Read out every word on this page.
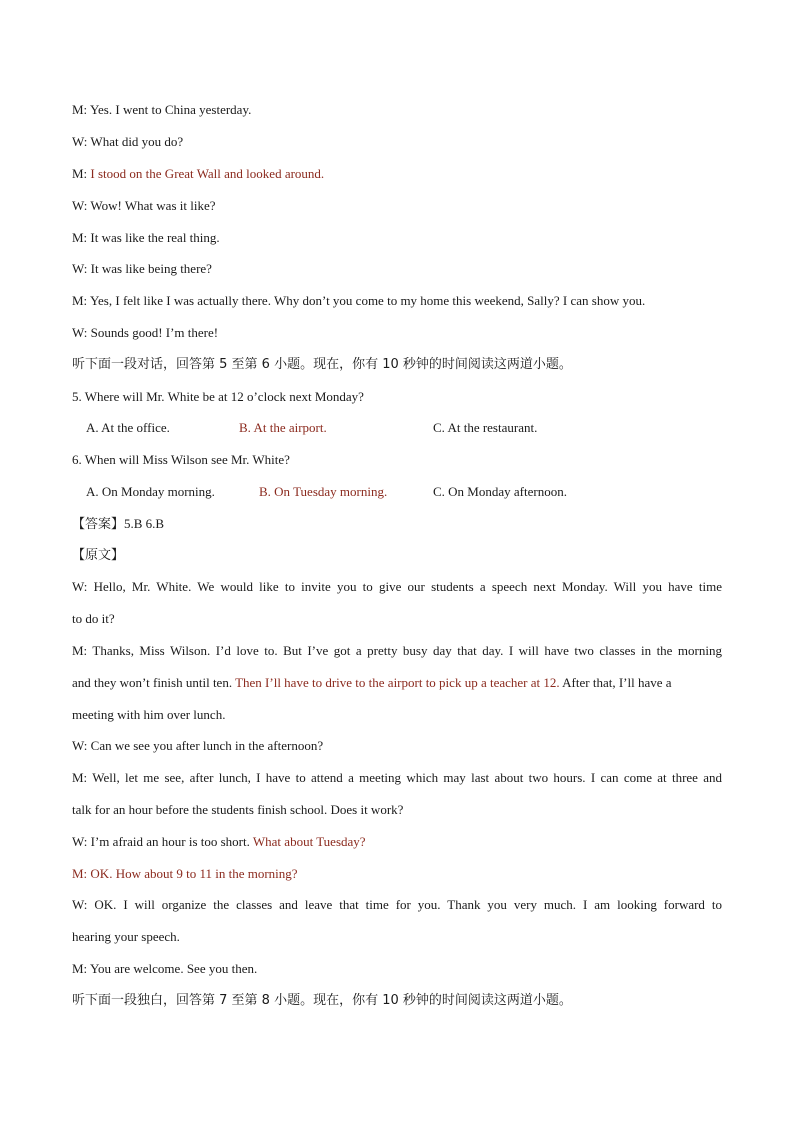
M: Yes. I went to China yesterday.
W: What did you do?
M: I stood on the Great Wall and looked around.
W: Wow! What was it like?
M: It was like the real thing.
W: It was like being there?
M: Yes, I felt like I was actually there. Why don’t you come to my home this weekend, Sally? I can show you.
W: Sounds good! I’m there!
听下面一段对话，回答第 5 至第 6 小题。现在，你有 10 秒钟的时间阅读这两道小题。
5. Where will Mr. White be at 12 o’clock next Monday?
A. At the office.	B. At the airport.	C. At the restaurant.
6. When will Miss Wilson see Mr. White?
A. On Monday morning.	B. On Tuesday morning.	C. On Monday afternoon.
【答案】5.B 6.B
【原文】
W: Hello, Mr. White. We would like to invite you to give our students a speech next Monday. Will you have time
to do it?
M: Thanks, Miss Wilson. I’d love to. But I’ve got a pretty busy day that day. I will have two classes in the morning
and they won’t finish until ten. Then I’ll have to drive to the airport to pick up a teacher at 12. After that, I’ll have a
meeting with him over lunch.
W: Can we see you after lunch in the afternoon?
M: Well, let me see, after lunch, I have to attend a meeting which may last about two hours. I can come at three and
talk for an hour before the students finish school. Does it work?
W: I’m afraid an hour is too short. What about Tuesday?
M: OK. How about 9 to 11 in the morning?
W: OK. I will organize the classes and leave that time for you. Thank you very much. I am looking forward to
hearing your speech.
M: You are welcome. See you then.
听下面一段独白，回答第 7 至第 8 小题。现在，你有 10 秒钟的时间阅读这两道小题。
